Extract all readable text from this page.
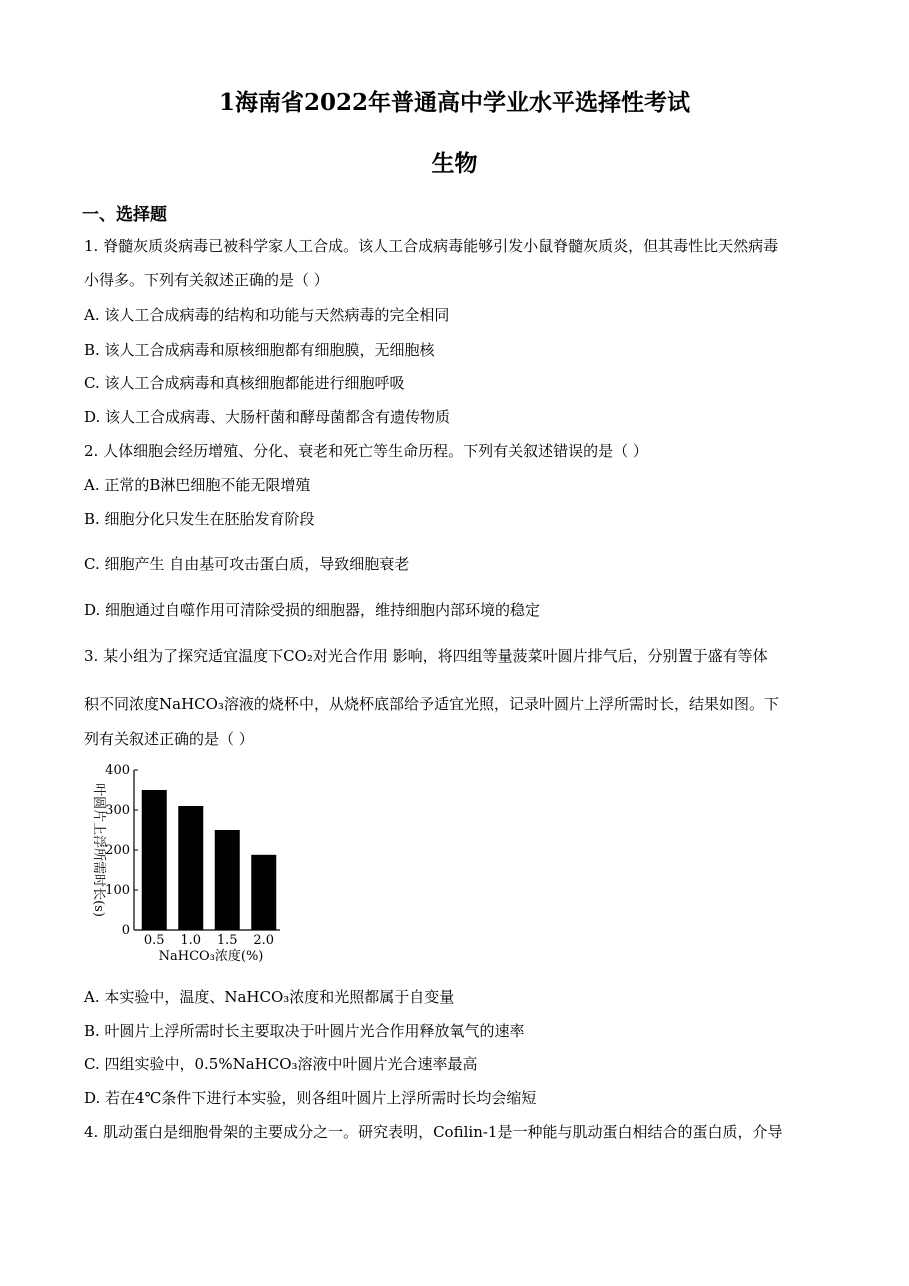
1海南省2022年普通高中学业水平选择性考试
生物
一、选择题
1. 脊髓灰质炎病毒已被科学家人工合成。该人工合成病毒能够引发小鼠脊髓灰质炎，但其毒性比天然病毒
小得多。下列有关叙述正确的是（ ）
A. 该人工合成病毒的结构和功能与天然病毒的完全相同
B. 该人工合成病毒和原核细胞都有细胞膜，无细胞核
C. 该人工合成病毒和真核细胞都能进行细胞呼吸
D. 该人工合成病毒、大肠杆菌和酵母菌都含有遗传物质
2. 人体细胞会经历增殖、分化、衰老和死亡等生命历程。下列有关叙述错误的是（ ）
A. 正常的B淋巴细胞不能无限增殖
B. 细胞分化只发生在胚胎发育阶段
C. 细胞产生 自由基可攻击蛋白质，导致细胞衰老
D. 细胞通过自噬作用可清除受损的细胞器，维持细胞内部环境的稳定
3. 某小组为了探究适宜温度下CO₂对光合作用 影响，将四组等量菠菜叶圆片排气后，分别置于盛有等体
积不同浓度NaHCO₃溶液的烧杯中，从烧杯底部给予适宜光照，记录叶圆片上浮所需时长，结果如图。下
列有关叙述正确的是（ ）
0
100
200
300
400
0.5 1.0 1.5 2.0
NaHCO₃浓度(%)
叶圆片上浮所需时长(s)
A. 本实验中，温度、NaHCO₃浓度和光照都属于自变量
B. 叶圆片上浮所需时长主要取决于叶圆片光合作用释放氧气的速率
C. 四组实验中，0.5%NaHCO₃溶液中叶圆片光合速率最高
D. 若在4℃条件下进行本实验，则各组叶圆片上浮所需时长均会缩短
4. 肌动蛋白是细胞骨架的主要成分之一。研究表明，Cofilin-1是一种能与肌动蛋白相结合的蛋白质，介导
